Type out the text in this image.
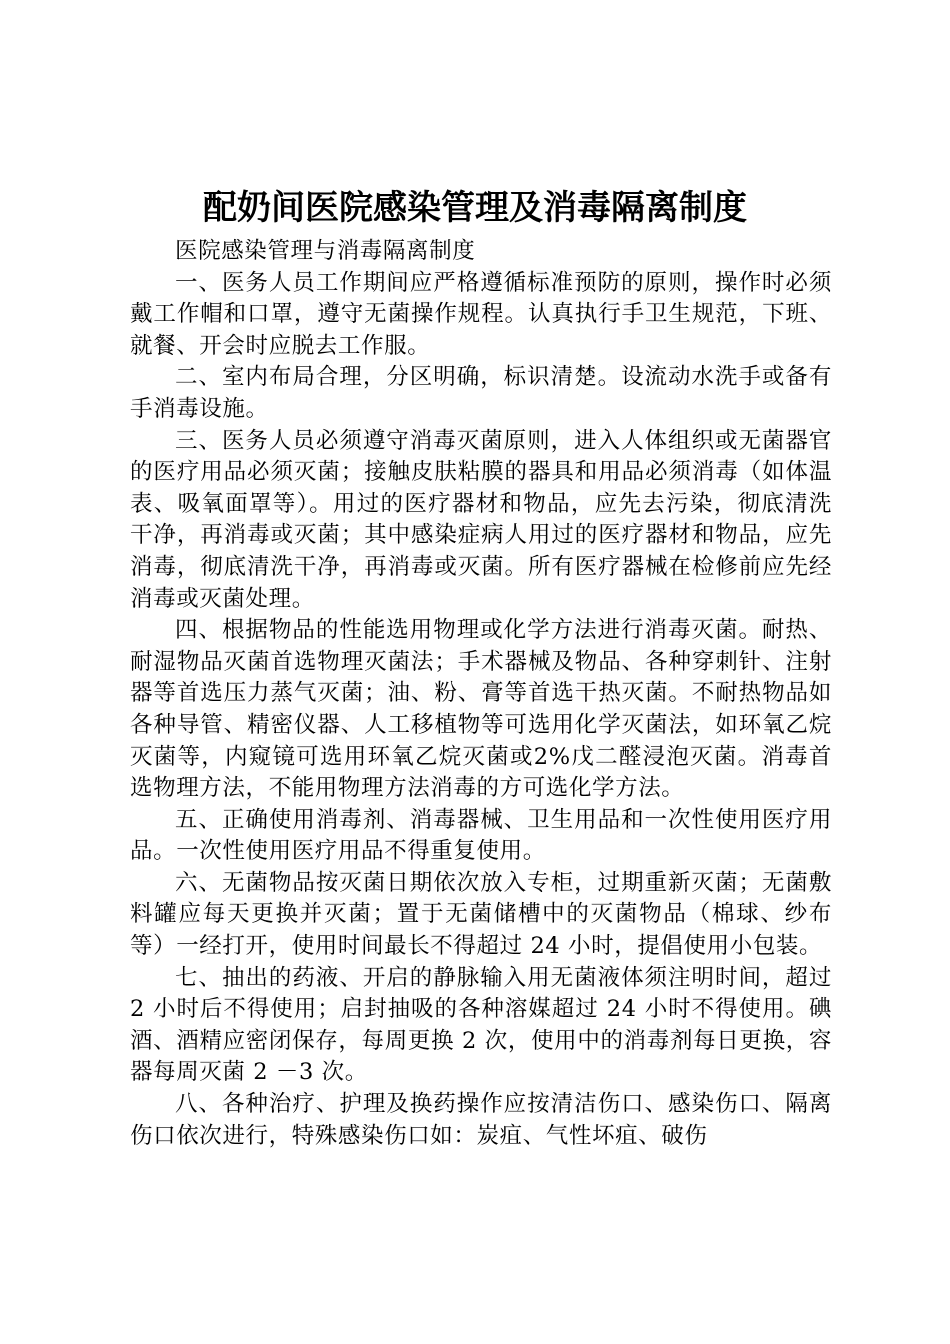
配奶间医院感染管理及消毒隔离制度

医院感染管理与消毒隔离制度

一、医务人员工作期间应严格遵循标准预防的原则，操作时必须戴工作帽和口罩，遵守无菌操作规程。认真执行手卫生规范，下班、就餐、开会时应脱去工作服。

二、室内布局合理，分区明确，标识清楚。设流动水洗手或备有手消毒设施。

三、医务人员必须遵守消毒灭菌原则，进入人体组织或无菌器官的医疗用品必须灭菌；接触皮肤粘膜的器具和用品必须消毒（如体温表、吸氧面罩等）。用过的医疗器材和物品，应先去污染，彻底清洗干净，再消毒或灭菌；其中感染症病人用过的医疗器材和物品，应先消毒，彻底清洗干净，再消毒或灭菌。所有医疗器械在检修前应先经消毒或灭菌处理。

四、根据物品的性能选用物理或化学方法进行消毒灭菌。耐热、耐湿物品灭菌首选物理灭菌法；手术器械及物品、各种穿刺针、注射器等首选压力蒸气灭菌；油、粉、膏等首选干热灭菌。不耐热物品如各种导管、精密仪器、人工移植物等可选用化学灭菌法，如环氧乙烷灭菌等，内窥镜可选用环氧乙烷灭菌或2%戊二醛浸泡灭菌。消毒首选物理方法，不能用物理方法消毒的方可选化学方法。

五、正确使用消毒剂、消毒器械、卫生用品和一次性使用医疗用品。一次性使用医疗用品不得重复使用。

六、无菌物品按灭菌日期依次放入专柜，过期重新灭菌；无菌敷料罐应每天更换并灭菌；置于无菌储槽中的灭菌物品（棉球、纱布等）一经打开，使用时间最长不得超过 24 小时，提倡使用小包装。

七、抽出的药液、开启的静脉输入用无菌液体须注明时间，超过 2 小时后不得使用；启封抽吸的各种溶媒超过 24 小时不得使用。碘酒、酒精应密闭保存，每周更换 2 次，使用中的消毒剂每日更换，容器每周灭菌 2 －3 次。

八、各种治疗、护理及换药操作应按清洁伤口、感染伤口、隔离伤口依次进行，特殊感染伤口如：炭疽、气性坏疽、破伤
